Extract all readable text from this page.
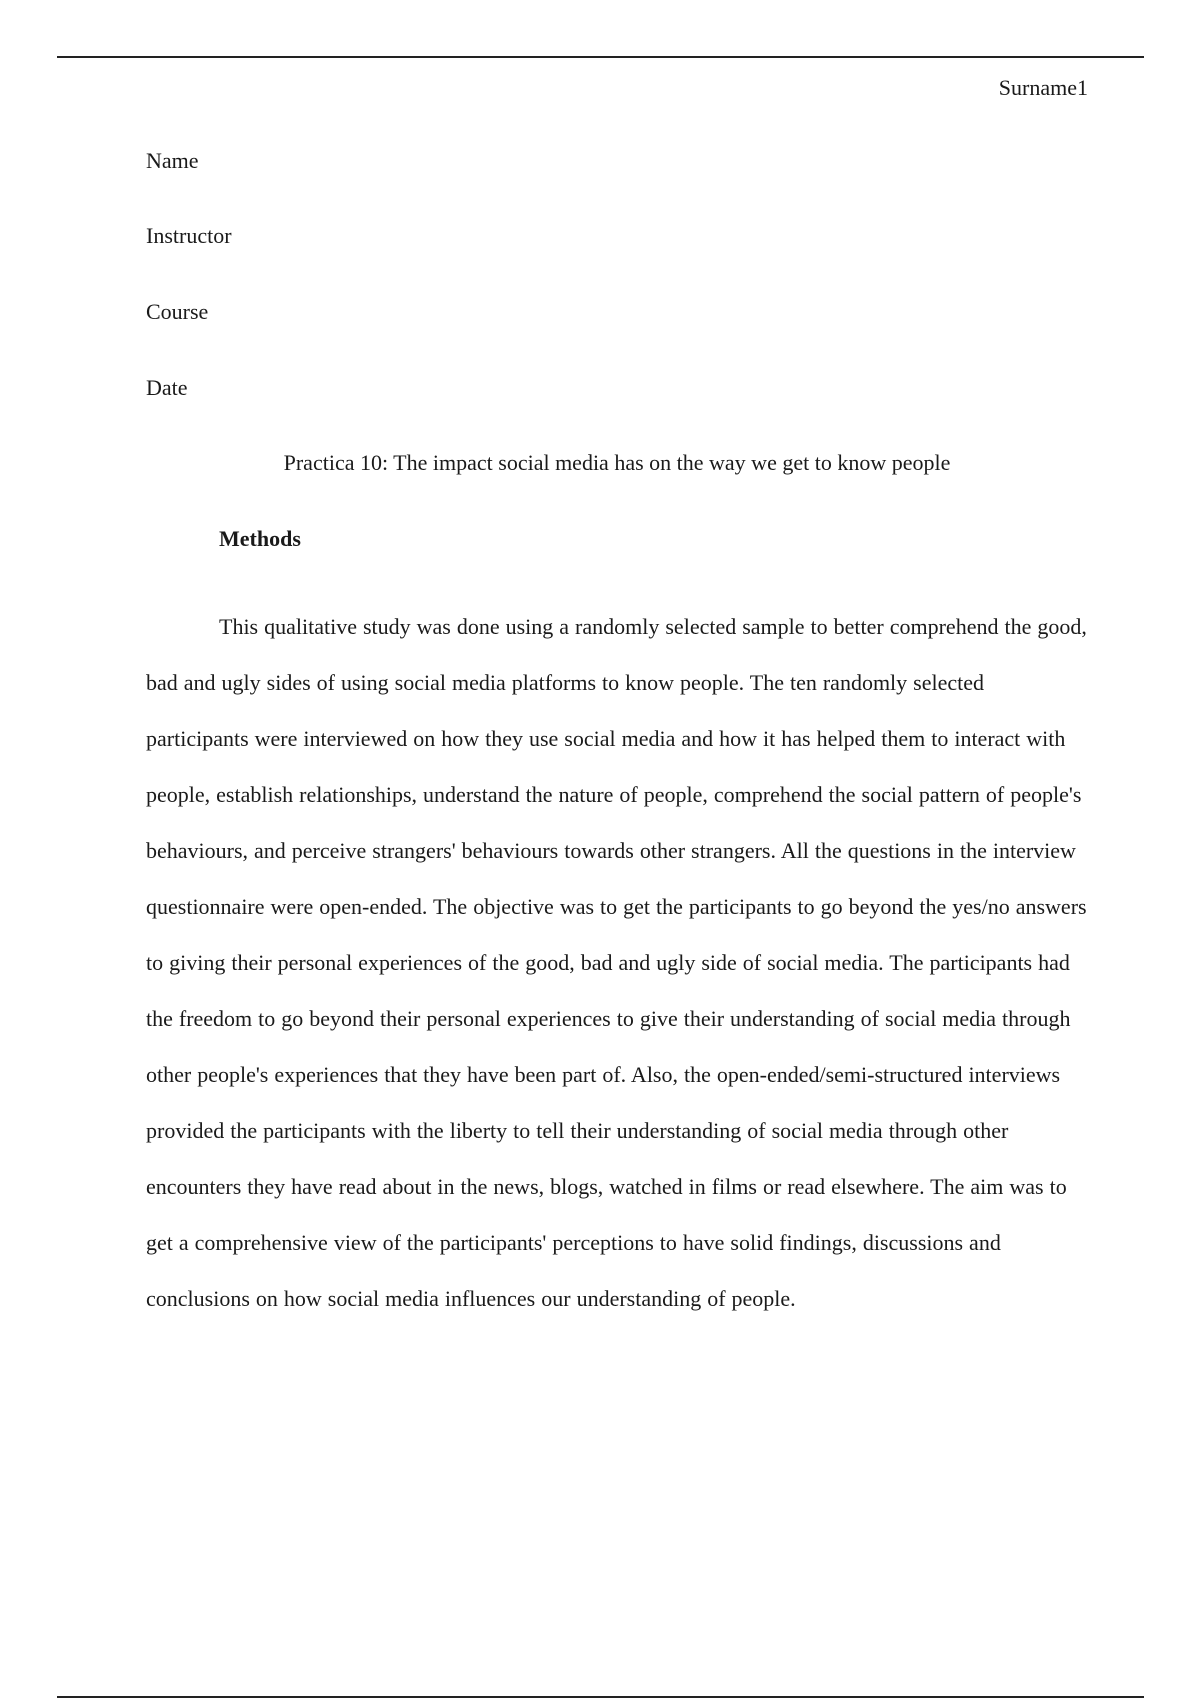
Surname1
Name
Instructor
Course
Date
Practica 10: The impact social media has on the way we get to know people
Methods

This qualitative study was done using a randomly selected sample to better comprehend the good, bad and ugly sides of using social media platforms to know people. The ten randomly selected participants were interviewed on how they use social media and how it has helped them to interact with people, establish relationships, understand the nature of people, comprehend the social pattern of people's behaviours, and perceive strangers' behaviours towards other strangers. All the questions in the interview questionnaire were open-ended. The objective was to get the participants to go beyond the yes/no answers to giving their personal experiences of the good, bad and ugly side of social media. The participants had the freedom to go beyond their personal experiences to give their understanding of social media through other people's experiences that they have been part of. Also, the open-ended/semi-structured interviews provided the participants with the liberty to tell their understanding of social media through other encounters they have read about in the news, blogs, watched in films or read elsewhere. The aim was to get a comprehensive view of the participants' perceptions to have solid findings, discussions and conclusions on how social media influences our understanding of people.
